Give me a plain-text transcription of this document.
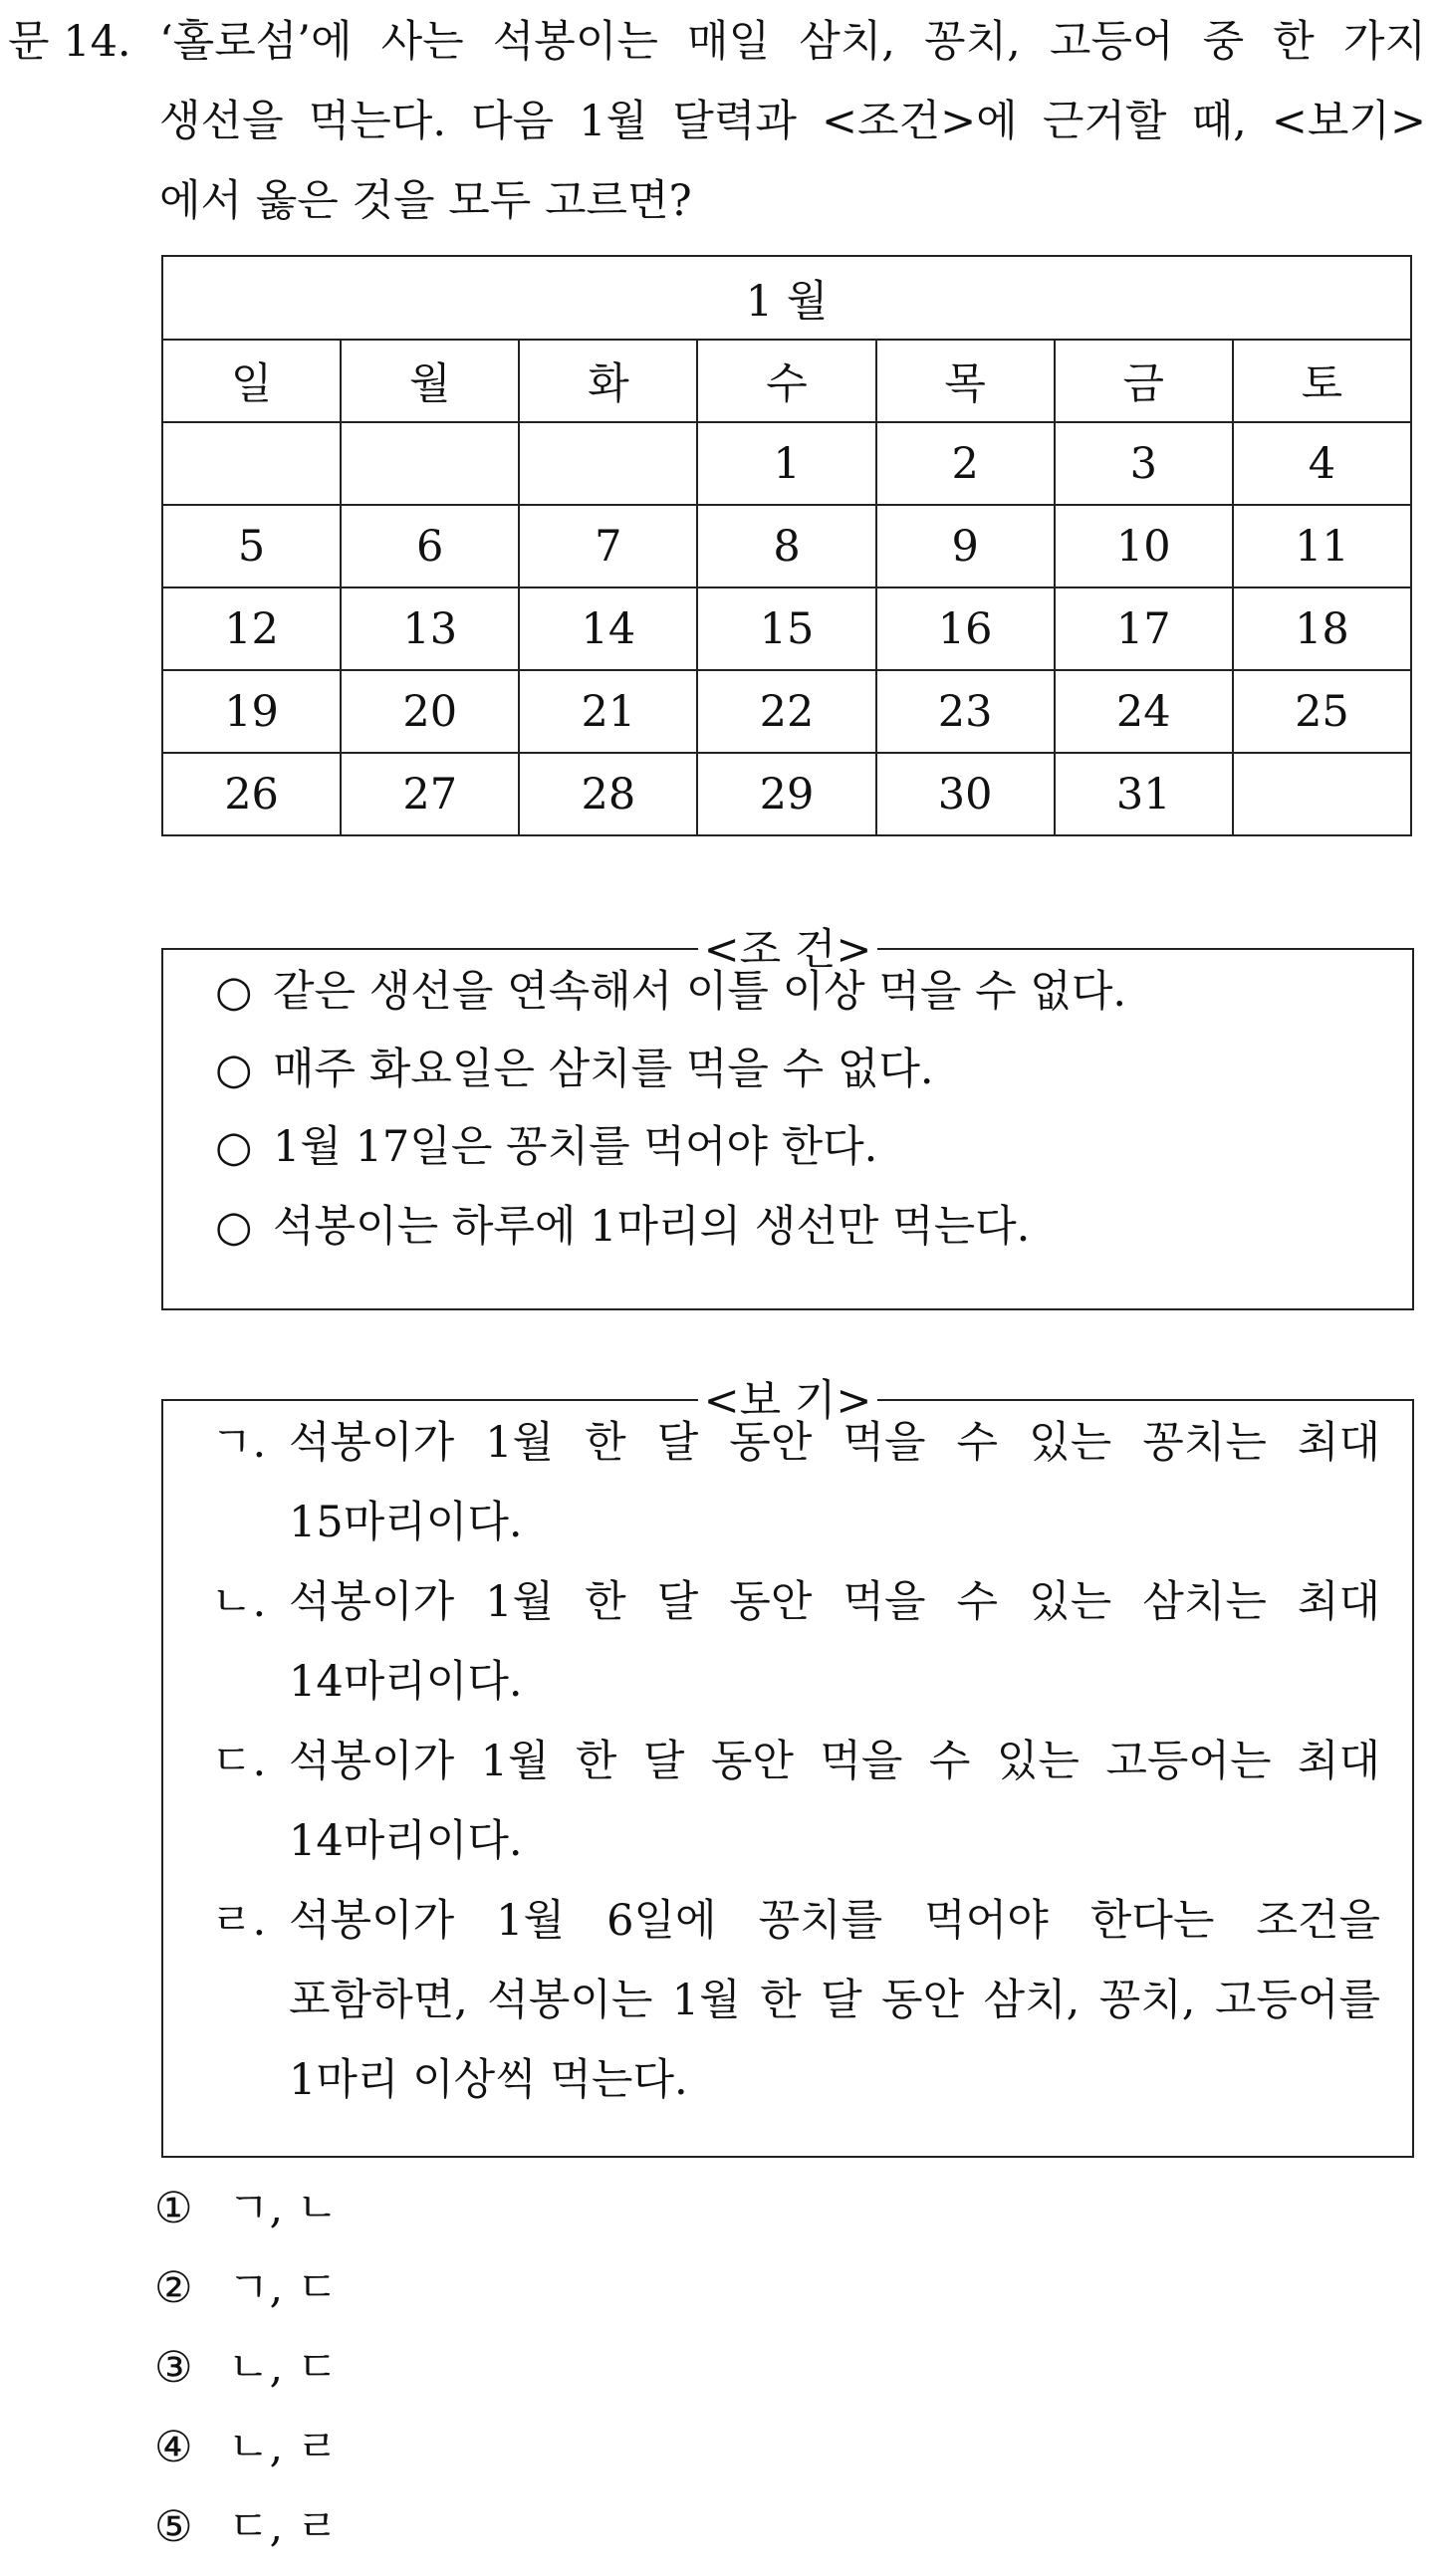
문 14. ‘홀로섬’에 사는 석봉이는 매일 삼치, 꽁치, 고등어 중 한 가지
생선을 먹는다. 다음 1월 달력과 <조건>에 근거할 때, <보기>
에서 옳은 것을 모두 고르면?
1 월						
일	월	화	수	목	금	토
			1	2	3	4
5	6	7	8	9	10	11
12	13	14	15	16	17	18
19	20	21	22	23	24	25
26	27	28	29	30	31	
<조 건>
○ 같은 생선을 연속해서 이틀 이상 먹을 수 없다.
○ 매주 화요일은 삼치를 먹을 수 없다.
○ 1월 17일은 꽁치를 먹어야 한다.
○ 석봉이는 하루에 1마리의 생선만 먹는다.
<보 기>
ㄱ. 석봉이가 1월 한 달 동안 먹을 수 있는 꽁치는 최대
15마리이다.
ㄴ. 석봉이가 1월 한 달 동안 먹을 수 있는 삼치는 최대
14마리이다.
ㄷ. 석봉이가 1월 한 달 동안 먹을 수 있는 고등어는 최대
14마리이다.
ㄹ. 석봉이가 1월 6일에 꽁치를 먹어야 한다는 조건을
포함하면, 석봉이는 1월 한 달 동안 삼치, 꽁치, 고등어를
1마리 이상씩 먹는다.
① ㄱ, ㄴ
② ㄱ, ㄷ
③ ㄴ, ㄷ
④ ㄴ, ㄹ
⑤ ㄷ, ㄹ
